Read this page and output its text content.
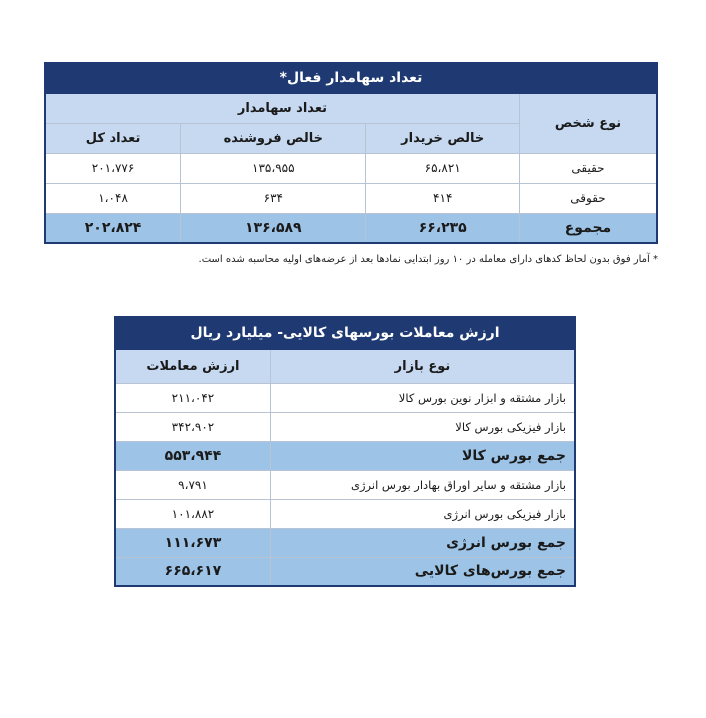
تعداد سهامدار فعال*			
نوع شخص	تعداد سهامدار		
	خالص خریدار	خالص فروشنده	تعداد کل
حقیقی	۶۵،۸۲۱	۱۳۵،۹۵۵	۲۰۱،۷۷۶
حقوقی	۴۱۴	۶۳۴	۱،۰۴۸
مجموع	۶۶،۲۳۵	۱۳۶،۵۸۹	۲۰۲،۸۲۴
* آمار فوق بدون لحاظ کدهای دارای معامله در ۱۰ روز ابتدایی نمادها بعد از عرضه‌های اولیه محاسبه شده است.
ارزش معاملات بورسهای کالایی- میلیارد ریال	
نوع بازار	ارزش معاملات
بازار مشتقه و ابزار نوین بورس کالا	۲۱۱،۰۴۲
بازار فیزیکی بورس کالا	۳۴۲،۹۰۲
جمع بورس کالا	۵۵۳،۹۴۴
بازار مشتقه و سایر اوراق بهادار بورس انرژی	۹،۷۹۱
بازار فیزیکی بورس انرژی	۱۰۱،۸۸۲
جمع بورس انرژی	۱۱۱،۶۷۳
جمع بورس‌های کالایی	۶۶۵،۶۱۷
